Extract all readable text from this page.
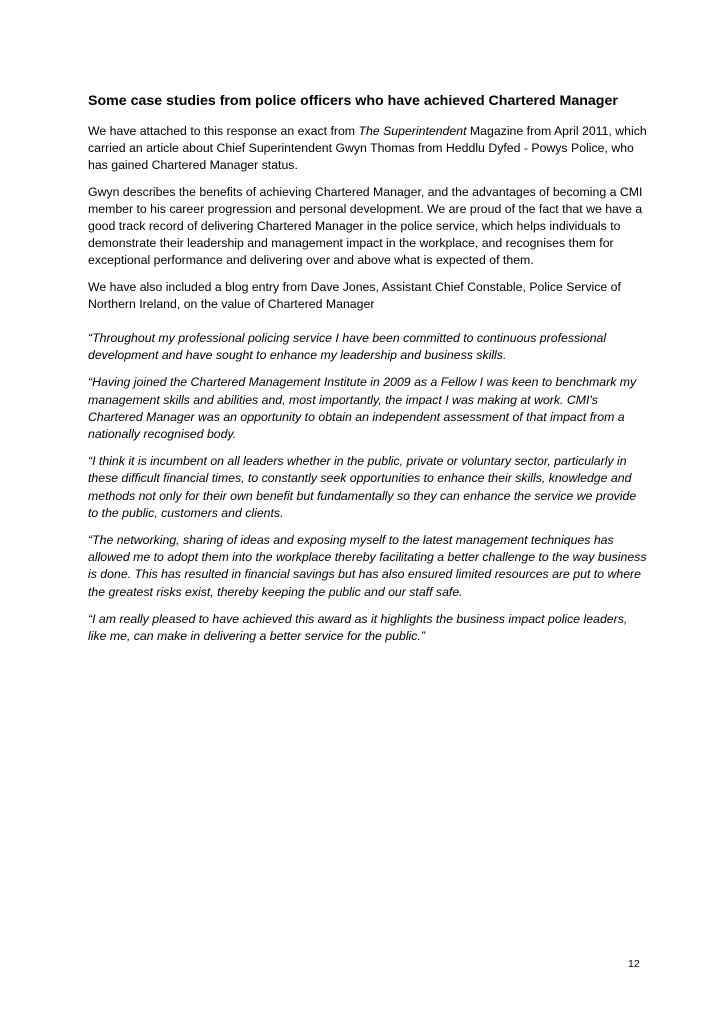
Some case studies from police officers who have achieved Chartered Manager

We have attached to this response an exact from The Superintendent Magazine from April 2011, which carried an article about Chief Superintendent Gwyn Thomas from Heddlu Dyfed - Powys Police, who has gained Chartered Manager status.

Gwyn describes the benefits of achieving Chartered Manager, and the advantages of becoming a CMI member to his career progression and personal development. We are proud of the fact that we have a good track record of delivering Chartered Manager in the police service, which helps individuals to demonstrate their leadership and management impact in the workplace, and recognises them for exceptional performance and delivering over and above what is expected of them.

We have also included a blog entry from Dave Jones, Assistant Chief Constable, Police Service of Northern Ireland, on the value of Chartered Manager

“Throughout my professional policing service I have been committed to continuous professional development and have sought to enhance my leadership and business skills.

“Having joined the Chartered Management Institute in 2009 as a Fellow I was keen to benchmark my management skills and abilities and, most importantly, the impact I was making at work. CMI's Chartered Manager was an opportunity to obtain an independent assessment of that impact from a nationally recognised body.

“I think it is incumbent on all leaders whether in the public, private or voluntary sector, particularly in these difficult financial times, to constantly seek opportunities to enhance their skills, knowledge and methods not only for their own benefit but fundamentally so they can enhance the service we provide to the public, customers and clients.

“The networking, sharing of ideas and exposing myself to the latest management techniques has allowed me to adopt them into the workplace thereby facilitating a better challenge to the way business is done. This has resulted in financial savings but has also ensured limited resources are put to where the greatest risks exist, thereby keeping the public and our staff safe.

“I am really pleased to have achieved this award as it highlights the business impact police leaders, like me, can make in delivering a better service for the public.”

12
